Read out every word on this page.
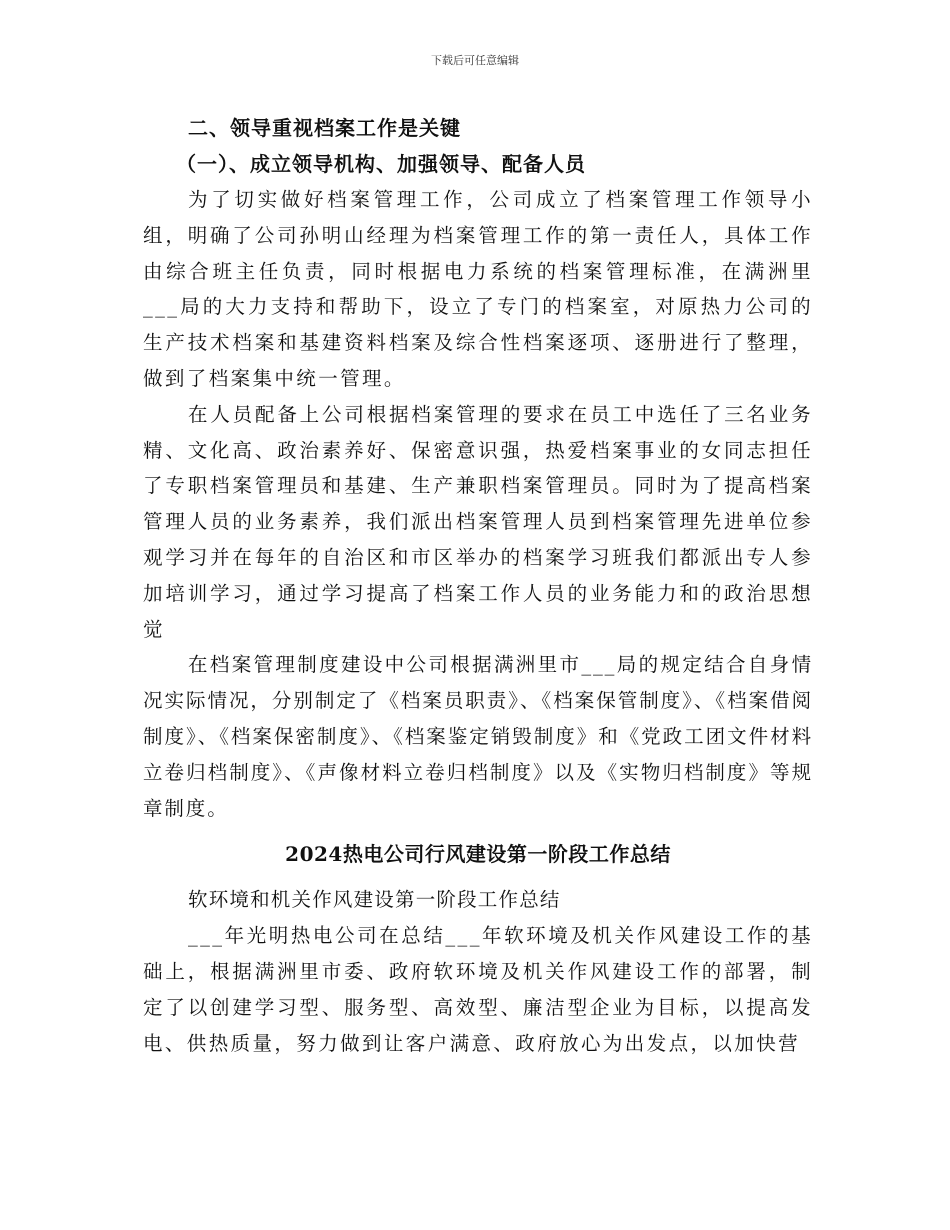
下载后可任意编辑
二、领导重视档案工作是关键
（一）、成立领导机构、加强领导、配备人员

为了切实做好档案管理工作，公司成立了档案管理工作领导小组，明确了公司孙明山经理为档案管理工作的第一责任人，具体工作由综合班主任负责，同时根据电力系统的档案管理标准，在满洲里___局的大力支持和帮助下，设立了专门的档案室，对原热力公司的生产技术档案和基建资料档案及综合性档案逐项、逐册进行了整理，做到了档案集中统一管理。

在人员配备上公司根据档案管理的要求在员工中选任了三名业务精、文化高、政治素养好、保密意识强，热爱档案事业的女同志担任了专职档案管理员和基建、生产兼职档案管理员。同时为了提高档案管理人员的业务素养，我们派出档案管理人员到档案管理先进单位参观学习并在每年的自治区和市区举办的档案学习班我们都派出专人参加培训学习，通过学习提高了档案工作人员的业务能力和的政治思想觉

在档案管理制度建设中公司根据满洲里市___局的规定结合自身情况实际情况，分别制定了《档案员职责》、《档案保管制度》、《档案借阅制度》、《档案保密制度》、《档案鉴定销毁制度》和《党政工团文件材料立卷归档制度》、《声像材料立卷归档制度》以及《实物归档制度》等规章制度。

2024热电公司行风建设第一阶段工作总结
软环境和机关作风建设第一阶段工作总结

___年光明热电公司在总结___年软环境及机关作风建设工作的基础上，根据满洲里市委、政府软环境及机关作风建设工作的部署，制定了以创建学习型、服务型、高效型、廉洁型企业为目标，以提高发电、供热质量，努力做到让客户满意、政府放心为出发点，以加快营
